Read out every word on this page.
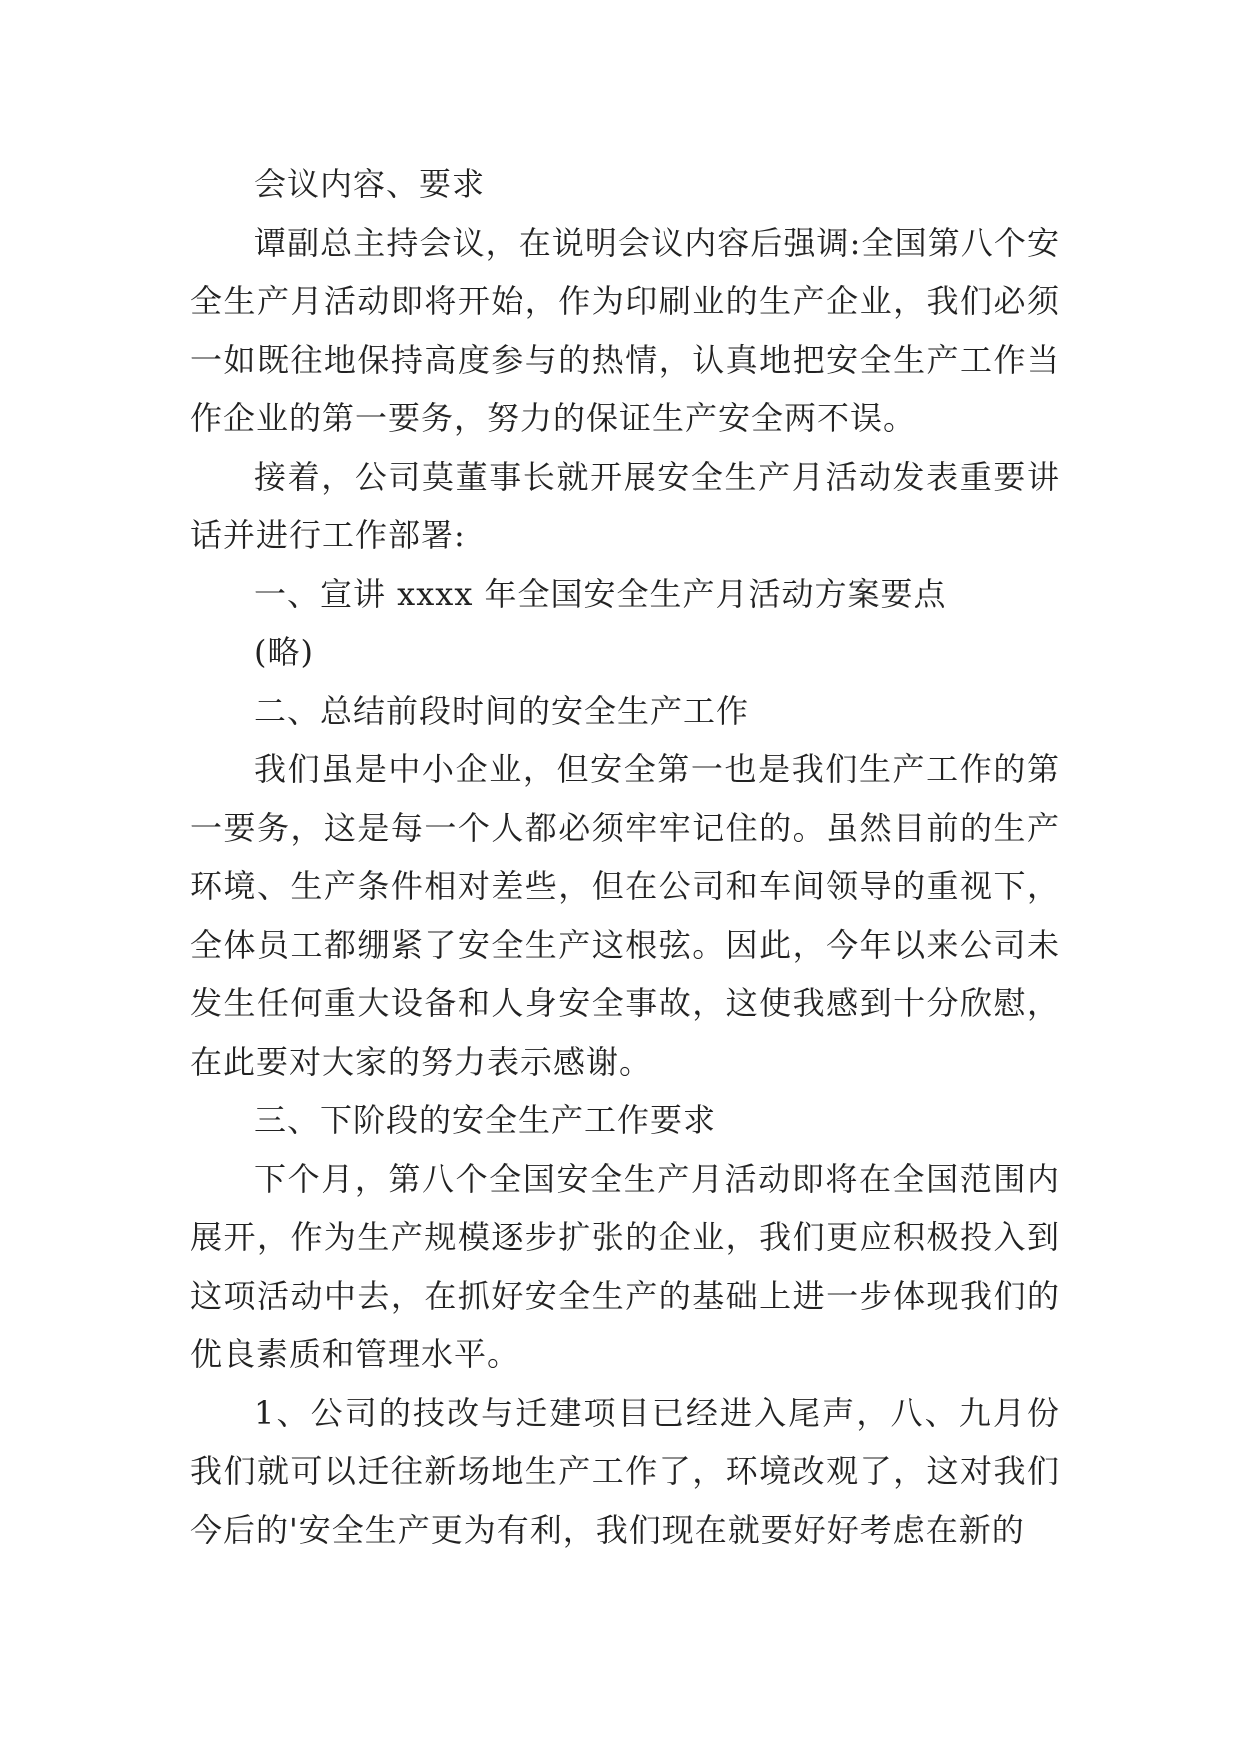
会议内容、要求

谭副总主持会议，在说明会议内容后强调:全国第八个安全生产月活动即将开始，作为印刷业的生产企业，我们必须一如既往地保持高度参与的热情，认真地把安全生产工作当作企业的第一要务，努力的保证生产安全两不误。

接着，公司莫董事长就开展安全生产月活动发表重要讲话并进行工作部署:

一、宣讲 xxxx 年全国安全生产月活动方案要点

(略)

二、总结前段时间的安全生产工作

我们虽是中小企业，但安全第一也是我们生产工作的第一要务，这是每一个人都必须牢牢记住的。虽然目前的生产环境、生产条件相对差些，但在公司和车间领导的重视下，全体员工都绷紧了安全生产这根弦。因此，今年以来公司未发生任何重大设备和人身安全事故，这使我感到十分欣慰，在此要对大家的努力表示感谢。

三、下阶段的安全生产工作要求

下个月，第八个全国安全生产月活动即将在全国范围内展开，作为生产规模逐步扩张的企业，我们更应积极投入到这项活动中去，在抓好安全生产的基础上进一步体现我们的优良素质和管理水平。

1、公司的技改与迁建项目已经进入尾声，八、九月份我们就可以迁往新场地生产工作了，环境改观了，这对我们今后的'安全生产更为有利，我们现在就要好好考虑在新的
